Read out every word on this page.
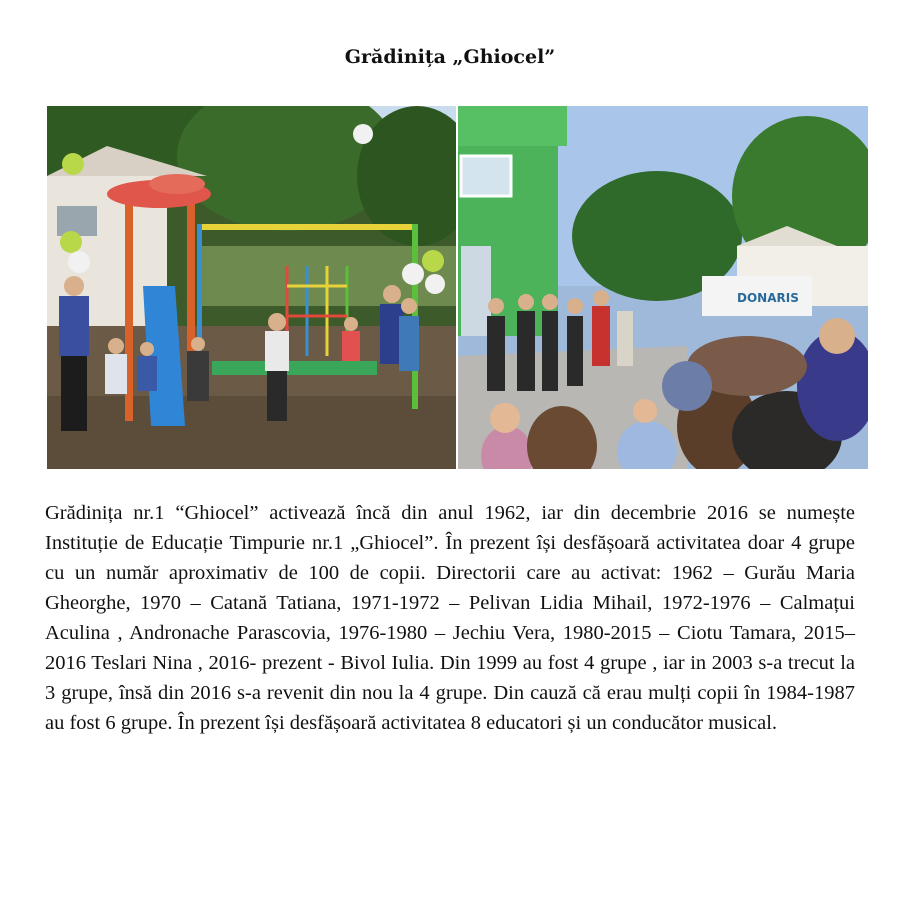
Grădinița „Ghiocel”
DONARIS

Grădinița nr.1 “Ghiocel” activează încă din anul 1962, iar din decembrie 2016 se numește Instituție de Educație Timpurie nr.1 „Ghiocel”. În prezent își desfășoară activitatea doar 4 grupe cu un număr aproximativ de 100 de copii. Directorii care au activat: 1962 – Gurău Maria Gheorghe, 1970 – Catană Tatiana, 1971-1972 – Pelivan Lidia Mihail, 1972-1976 – Calmațui Aculina , Andronache Parascovia, 1976-1980 – Jechiu Vera, 1980-2015 – Ciotu Tamara, 2015–2016 Teslari Nina , 2016- prezent - Bivol Iulia. Din 1999 au fost 4 grupe , iar in 2003 s-a trecut la 3 grupe, însă din 2016 s-a revenit din nou la 4 grupe. Din cauză că erau mulți copii în 1984-1987 au fost 6 grupe. În prezent își desfășoară activitatea 8 educatori și un conducător musical.
